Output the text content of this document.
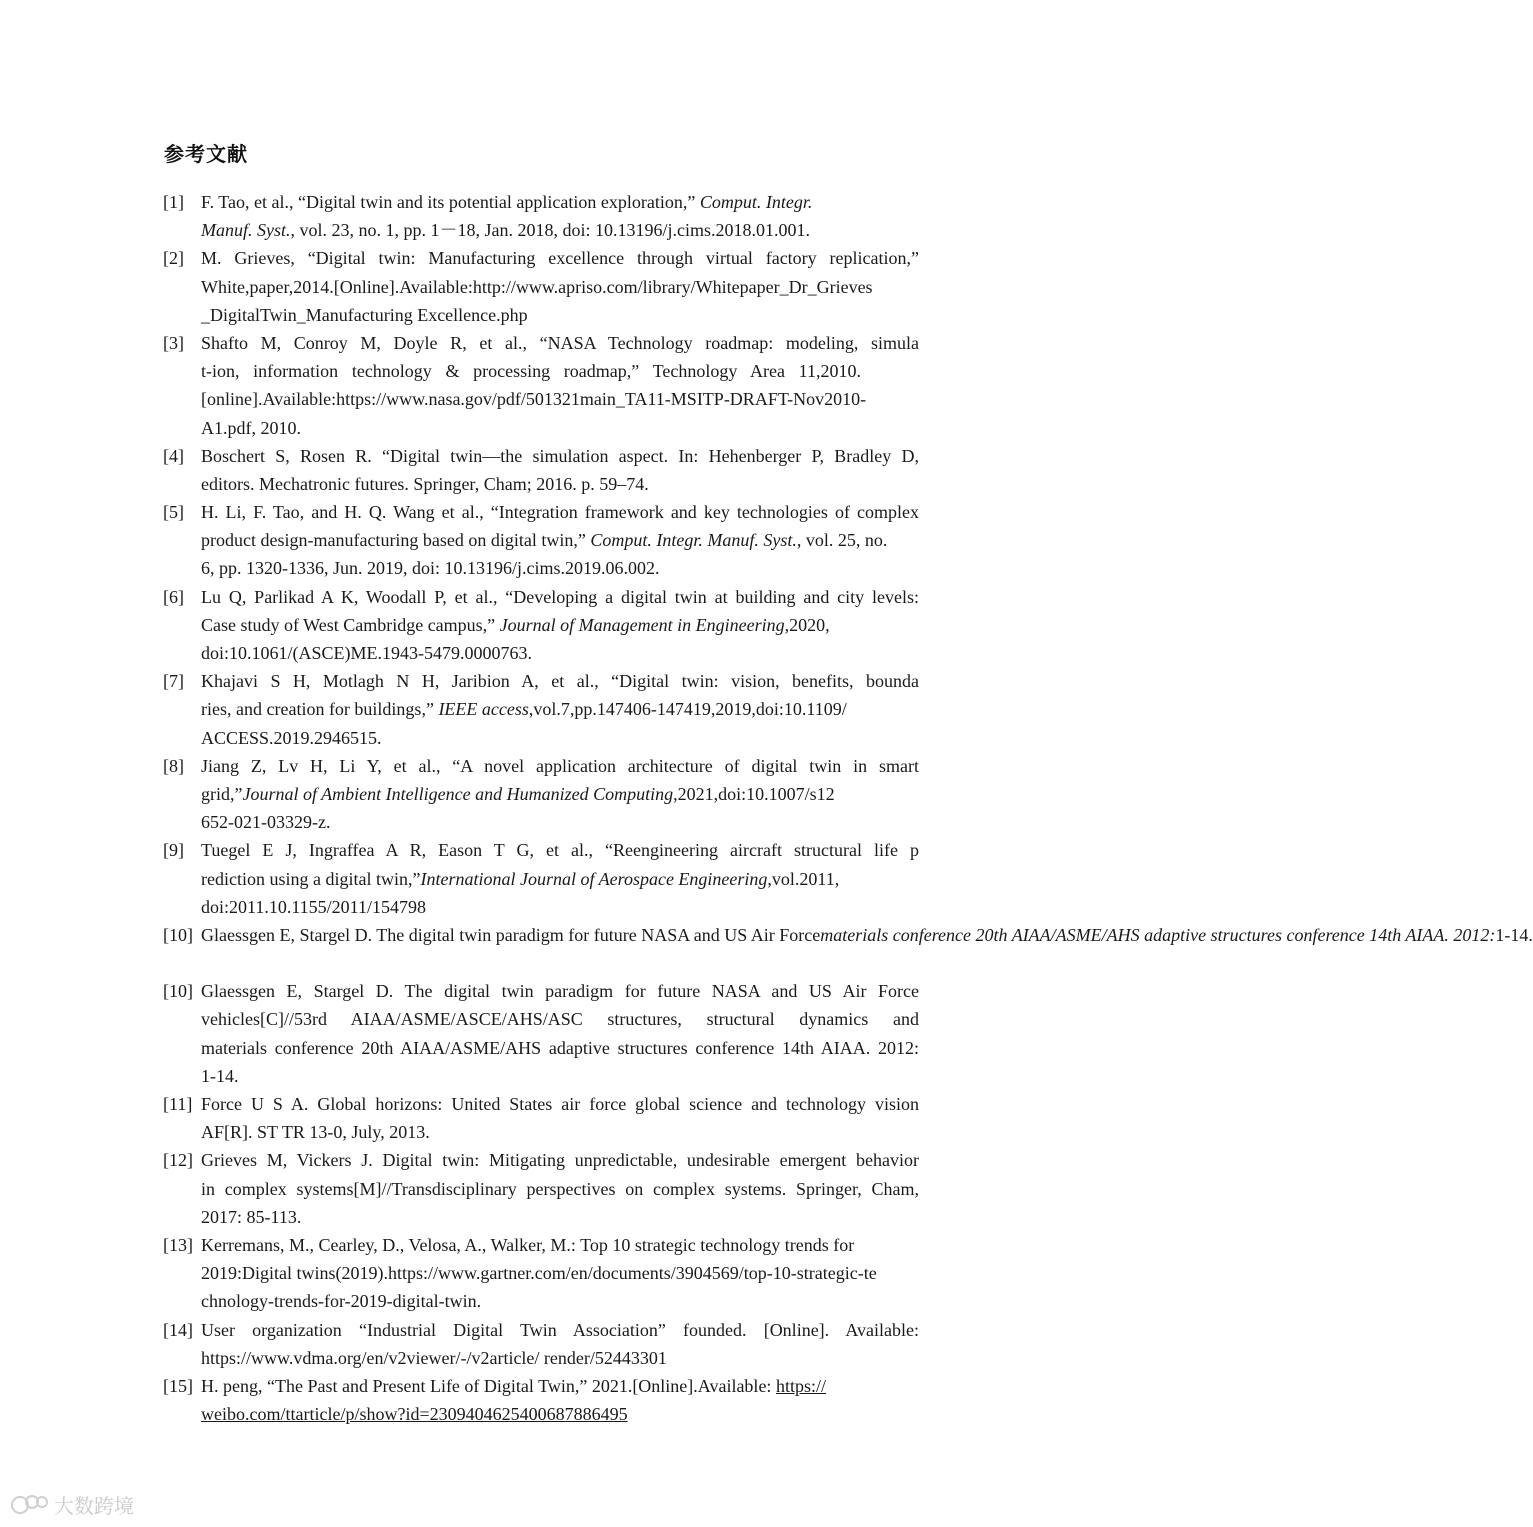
参考文献
[1] F. Tao, et al., “Digital twin and its potential application exploration,” Comput. Integr.
Manuf. Syst., vol. 23, no. 1, pp. 1－18, Jan. 2018, doi: 10.13196/j.cims.2018.01.001.
[2] M. Grieves, “Digital twin: Manufacturing excellence through virtual factory replication,”
White,paper,2014.[Online].Available:http://www.apriso.com/library/Whitepaper_Dr_Grieves
_DigitalTwin_Manufacturing Excellence.php
[3] Shafto M, Conroy M, Doyle R, et al., “NASA Technology roadmap: modeling, simula
t-ion, information technology & processing roadmap,” Technology Area 11,2010.
[online].Available:https://www.nasa.gov/pdf/501321main_TA11-MSITP-DRAFT-Nov2010-
A1.pdf, 2010.
[4] Boschert S, Rosen R. “Digital twin—the simulation aspect. In: Hehenberger P, Bradley D,
editors. Mechatronic futures. Springer, Cham; 2016. p. 59–74.
[5] H. Li, F. Tao, and H. Q. Wang et al., “Integration framework and key technologies of complex
product design-manufacturing based on digital twin,” Comput. Integr. Manuf. Syst., vol. 25, no.
6, pp. 1320-1336, Jun. 2019, doi: 10.13196/j.cims.2019.06.002.
[6] Lu Q, Parlikad A K, Woodall P, et al., “Developing a digital twin at building and city levels:
Case study of West Cambridge campus,” Journal of Management in Engineering,2020,
doi:10.1061/(ASCE)ME.1943-5479.0000763.
[7] Khajavi S H, Motlagh N H, Jaribion A, et al., “Digital twin: vision, benefits, bounda
ries, and creation for buildings,” IEEE access,vol.7,pp.147406-147419,2019,doi:10.1109/
ACCESS.2019.2946515.
[8] Jiang Z, Lv H, Li Y, et al., “A novel application architecture of digital twin in smart
grid,”Journal of Ambient Intelligence and Humanized Computing,2021,doi:10.1007/s12
652-021-03329-z.
[9] Tuegel E J, Ingraffea A R, Eason T G, et al., “Reengineering aircraft structural life p
rediction using a digital twin,”International Journal of Aerospace Engineering,vol.2011,
doi:2011.10.1155/2011/154798
[10] Glaessgen E, Stargel D. The digital twin paradigm for future NASA and US Air Forcematerials conference 20th AIAA/ASME/AHS adaptive structures conference 14th AIAA. 2012:1-14.
[10] Glaessgen E, Stargel D. The digital twin paradigm for future NASA and US Air Force
vehicles[C]//53rd AIAA/ASME/ASCE/AHS/ASC structures, structural dynamics and
materials conference 20th AIAA/ASME/AHS adaptive structures conference 14th AIAA. 2012:
1-14.
[11] Force U S A. Global horizons: United States air force global science and technology vision
AF[R]. ST TR 13-0, July, 2013.
[12] Grieves M, Vickers J. Digital twin: Mitigating unpredictable, undesirable emergent behavior
in complex systems[M]//Transdisciplinary perspectives on complex systems. Springer, Cham,
2017: 85-113.
[13] Kerremans, M., Cearley, D., Velosa, A., Walker, M.: Top 10 strategic technology trends for
2019:Digital twins(2019).https://www.gartner.com/en/documents/3904569/top-10-strategic-te
chnology-trends-for-2019-digital-twin.
[14] User organization “Industrial Digital Twin Association” founded. [Online]. Available:
https://www.vdma.org/en/v2viewer/-/v2article/ render/52443301
[15] H. peng, “The Past and Present Life of Digital Twin,” 2021.[Online].Available: https://
weibo.com/ttarticle/p/show?id=2309404625400687886495
大数跨境
